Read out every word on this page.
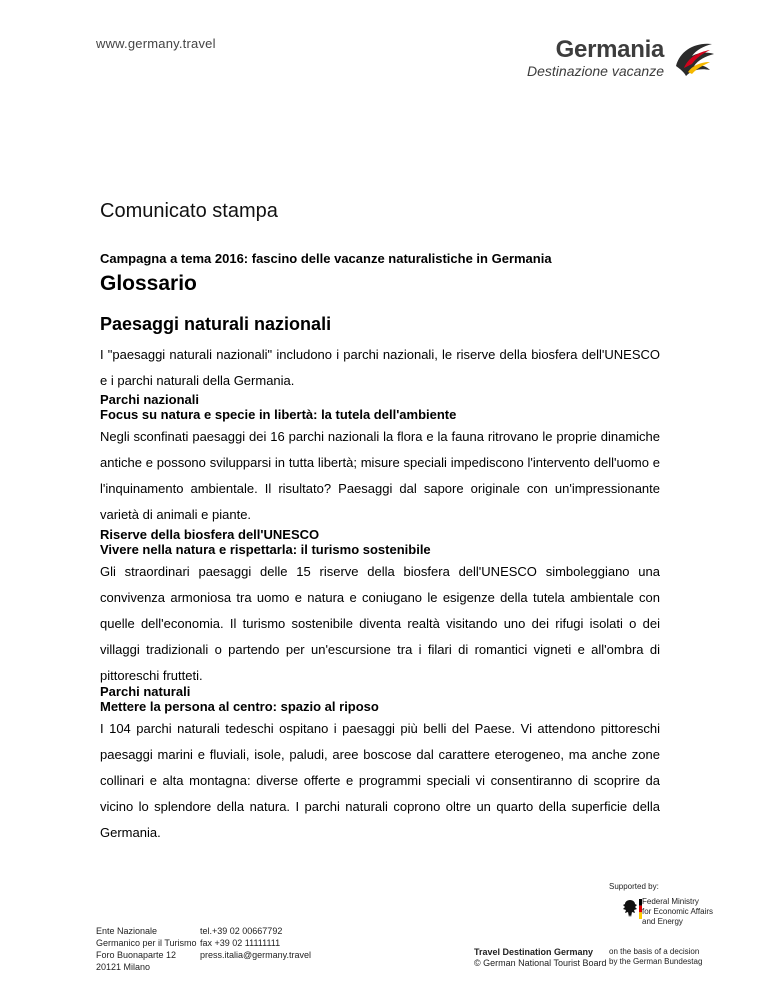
www.germany.travel	Germania
Destinazione vacanze
Comunicato stampa
Campagna a tema 2016: fascino delle vacanze naturalistiche in Germania
Glossario
Paesaggi naturali nazionali

I "paesaggi naturali nazionali" includono i parchi nazionali, le riserve della biosfera dell'UNESCO e i parchi naturali della Germania.

Parchi nazionali
Focus su natura e specie in libertà: la tutela dell'ambiente

Negli sconfinati paesaggi dei 16 parchi nazionali la flora e la fauna ritrovano le proprie dinamiche antiche e possono svilupparsi in tutta libertà; misure speciali impediscono l'intervento dell'uomo e l'inquinamento ambientale. Il risultato? Paesaggi dal sapore originale con un'impressionante varietà di animali e piante.

Riserve della biosfera dell'UNESCO
Vivere nella natura e rispettarla: il turismo sostenibile

Gli straordinari paesaggi delle 15 riserve della biosfera dell'UNESCO simboleggiano una convivenza armoniosa tra uomo e natura e coniugano le esigenze della tutela ambientale con quelle dell'economia. Il turismo sostenibile diventa realtà visitando uno dei rifugi isolati o dei villaggi tradizionali o partendo per un'escursione tra i filari di romantici vigneti e all'ombra di pittoreschi frutteti.

Parchi naturali
Mettere la persona al centro: spazio al riposo

I 104 parchi naturali tedeschi ospitano i paesaggi più belli del Paese. Vi attendono pittoreschi paesaggi marini e fluviali, isole, paludi, aree boscose dal carattere eterogeneo, ma anche zone collinari e alta montagna: diverse offerte e programmi speciali vi consentiranno di scoprire da vicino lo splendore della natura. I parchi naturali coprono oltre un quarto della superficie della Germania.

Ente Nazionale
Germanico per il Turismo
Foro Buonaparte 12
20121 Milano
tel.+39 02 00667792
fax +39 02 11111111
press.italia@germany.travel	Travel Destination Germany
© German National Tourist Board
Supported by:
Federal Ministry
for Economic Affairs
and Energy
on the basis of a decision
by the German Bundestag
